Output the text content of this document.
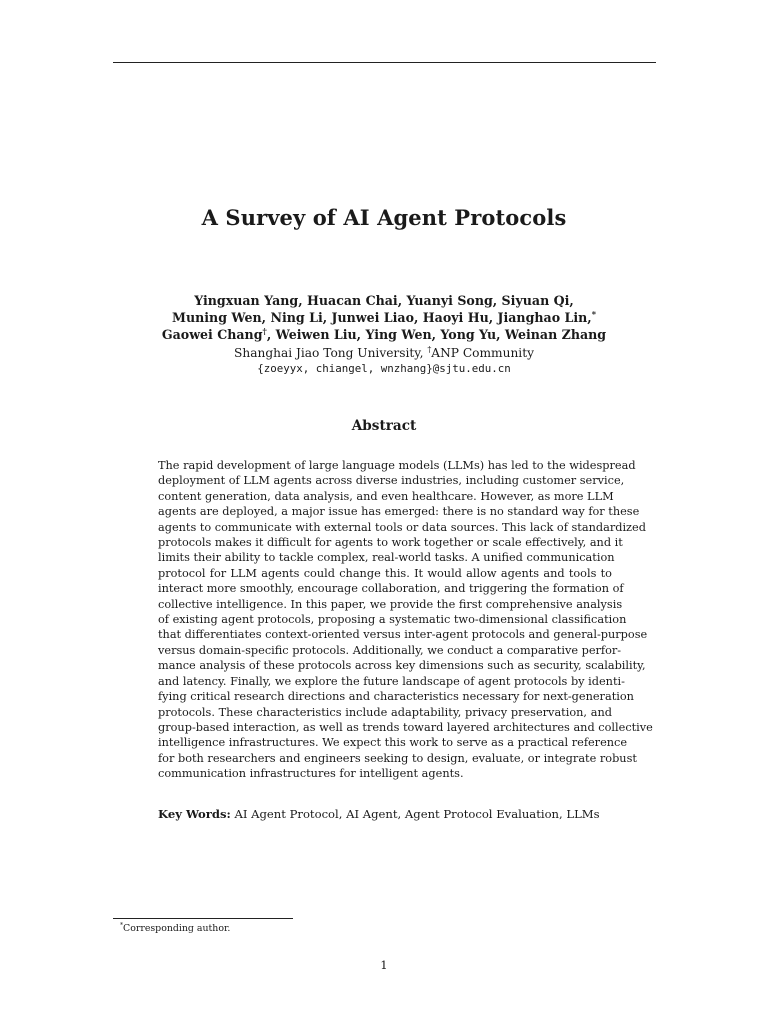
A Survey of AI Agent Protocols
Yingxuan Yang, Huacan Chai, Yuanyi Song, Siyuan Qi,
Muning Wen, Ning Li, Junwei Liao, Haoyi Hu, Jianghao Lin,*
Gaowei Chang†, Weiwen Liu, Ying Wen, Yong Yu, Weinan Zhang
Shanghai Jiao Tong University, †ANP Community
{zoeyyx, chiangel, wnzhang}@sjtu.edu.cn
Abstract
The rapid development of large language models (LLMs) has led to the widespread
deployment of LLM agents across diverse industries, including customer service,
content generation, data analysis, and even healthcare. However, as more LLM
agents are deployed, a major issue has emerged: there is no standard way for these
agents to communicate with external tools or data sources. This lack of standardized
protocols makes it difficult for agents to work together or scale effectively, and it
limits their ability to tackle complex, real-world tasks. A unified communication
protocol for LLM agents could change this. It would allow agents and tools to
interact more smoothly, encourage collaboration, and triggering the formation of
collective intelligence. In this paper, we provide the first comprehensive analysis
of existing agent protocols, proposing a systematic two-dimensional classification
that differentiates context-oriented versus inter-agent protocols and general-purpose
versus domain-specific protocols. Additionally, we conduct a comparative perfor-
mance analysis of these protocols across key dimensions such as security, scalability,
and latency. Finally, we explore the future landscape of agent protocols by identi-
fying critical research directions and characteristics necessary for next-generation
protocols. These characteristics include adaptability, privacy preservation, and
group-based interaction, as well as trends toward layered architectures and collective
intelligence infrastructures. We expect this work to serve as a practical reference
for both researchers and engineers seeking to design, evaluate, or integrate robust
communication infrastructures for intelligent agents.
Key Words: AI Agent Protocol, AI Agent, Agent Protocol Evaluation, LLMs
*Corresponding author.
1
